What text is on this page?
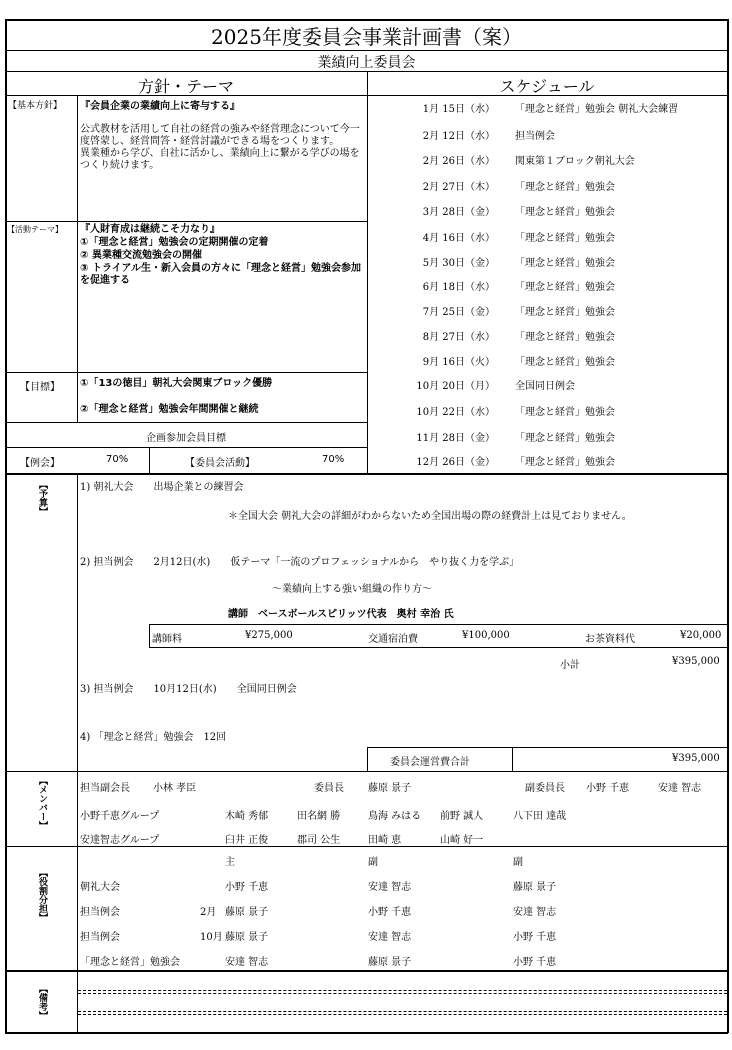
2025年度委員会事業計画書（案）
業績向上委員会
方針・テーマ	スケジュール
【基本方針】 『会員企業の業績向上に寄与する』
公式教材を活用して自社の経営の強みや経営理念について今一度啓蒙し、経営問答・経営討議ができる場をつくります。
異業種から学び、自社に活かし、業績向上に繋がる学びの場をつくり続けます。
【活動テーマ】 『人財育成は継続こそ力なり』
①「理念と経営」勉強会の定期開催の定着
② 異業種交流勉強会の開催
③ トライアル生・新入会員の方々に「理念と経営」勉強会参加を促進する
【目標】 ①「13の徳目」朝礼大会関東ブロック優勝
②「理念と経営」勉強会年間開催と継続
企画参加会員目標
【例会】	70%	【委員会活動】	70%
1月 15日（水） 「理念と経営」勉強会 朝礼大会練習
2月 12日（水） 担当例会
2月 26日（水） 関東第１ブロック朝礼大会
2月 27日（木） 「理念と経営」勉強会
3月 28日（金） 「理念と経営」勉強会
4月 16日（水） 「理念と経営」勉強会
5月 30日（金） 「理念と経営」勉強会
6月 18日（水） 「理念と経営」勉強会
7月 25日（金） 「理念と経営」勉強会
8月 27日（水） 「理念と経営」勉強会
9月 16日（火） 「理念と経営」勉強会
10月 20日（月） 全国同日例会
10月 22日（水） 「理念と経営」勉強会
11月 28日（金） 「理念と経営」勉強会
12月 26日（金） 「理念と経営」勉強会
【予算】	1) 朝礼大会　　出場企業との練習会
＊全国大会 朝礼大会の詳細がわからないため全国出場の際の経費計上は見ておりません。
2) 担当例会　　2月12日(水)　　仮テーマ「一流のプロフェッショナルから　やり抜く力を学ぶ」
～業績向上する強い組織の作り方～
講師　ベースボールスピリッツ代表　奥村 幸治 氏
講師料	¥275,000	交通宿泊費	¥100,000	お茶資料代	¥20,000
小計	¥395,000
3) 担当例会　　10月12日(水)　　全国同日例会
4) 「理念と経営」勉強会　12回
委員会運営費合計	¥395,000
【メンバー】	担当副会長 小林 孝臣	委員長 藤原 景子	副委員長 小野 千恵	安達 智志
小野千恵グループ	木崎 秀郁	田名網 勝	鳥海 みはる 前野 誠人	八下田 達哉
安達智志グループ	臼井 正俊	郡司 公生	田崎 恵	山崎 好一
【役割分担】
主	副	副
朝礼大会	小野 千恵	安達 智志	藤原 景子
担当例会	2月 藤原 景子	小野 千恵	安達 智志
担当例会	10月 藤原 景子	安達 智志	小野 千恵
「理念と経営」勉強会	安達 智志	藤原 景子	小野 千恵
【備考】
